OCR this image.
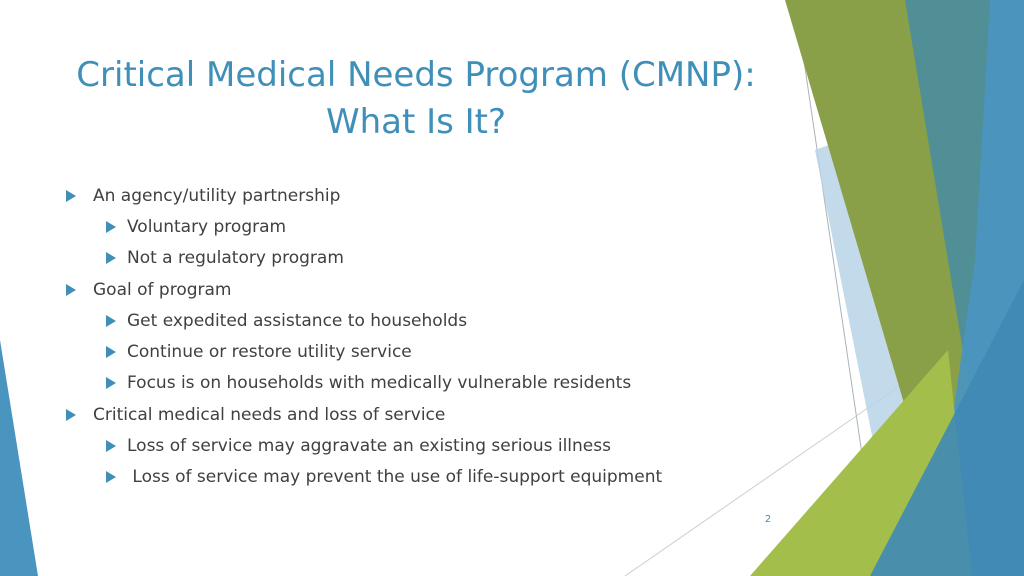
Critical Medical Needs Program (CMNP):
What Is It?
An agency/utility partnership
Voluntary program
Not a regulatory program
Goal of program
Get expedited assistance to households
Continue or restore utility service
Focus is on households with medically vulnerable residents
Critical medical needs and loss of service
Loss of service may aggravate an existing serious illness
Loss of service may prevent the use of life-support equipment
2
